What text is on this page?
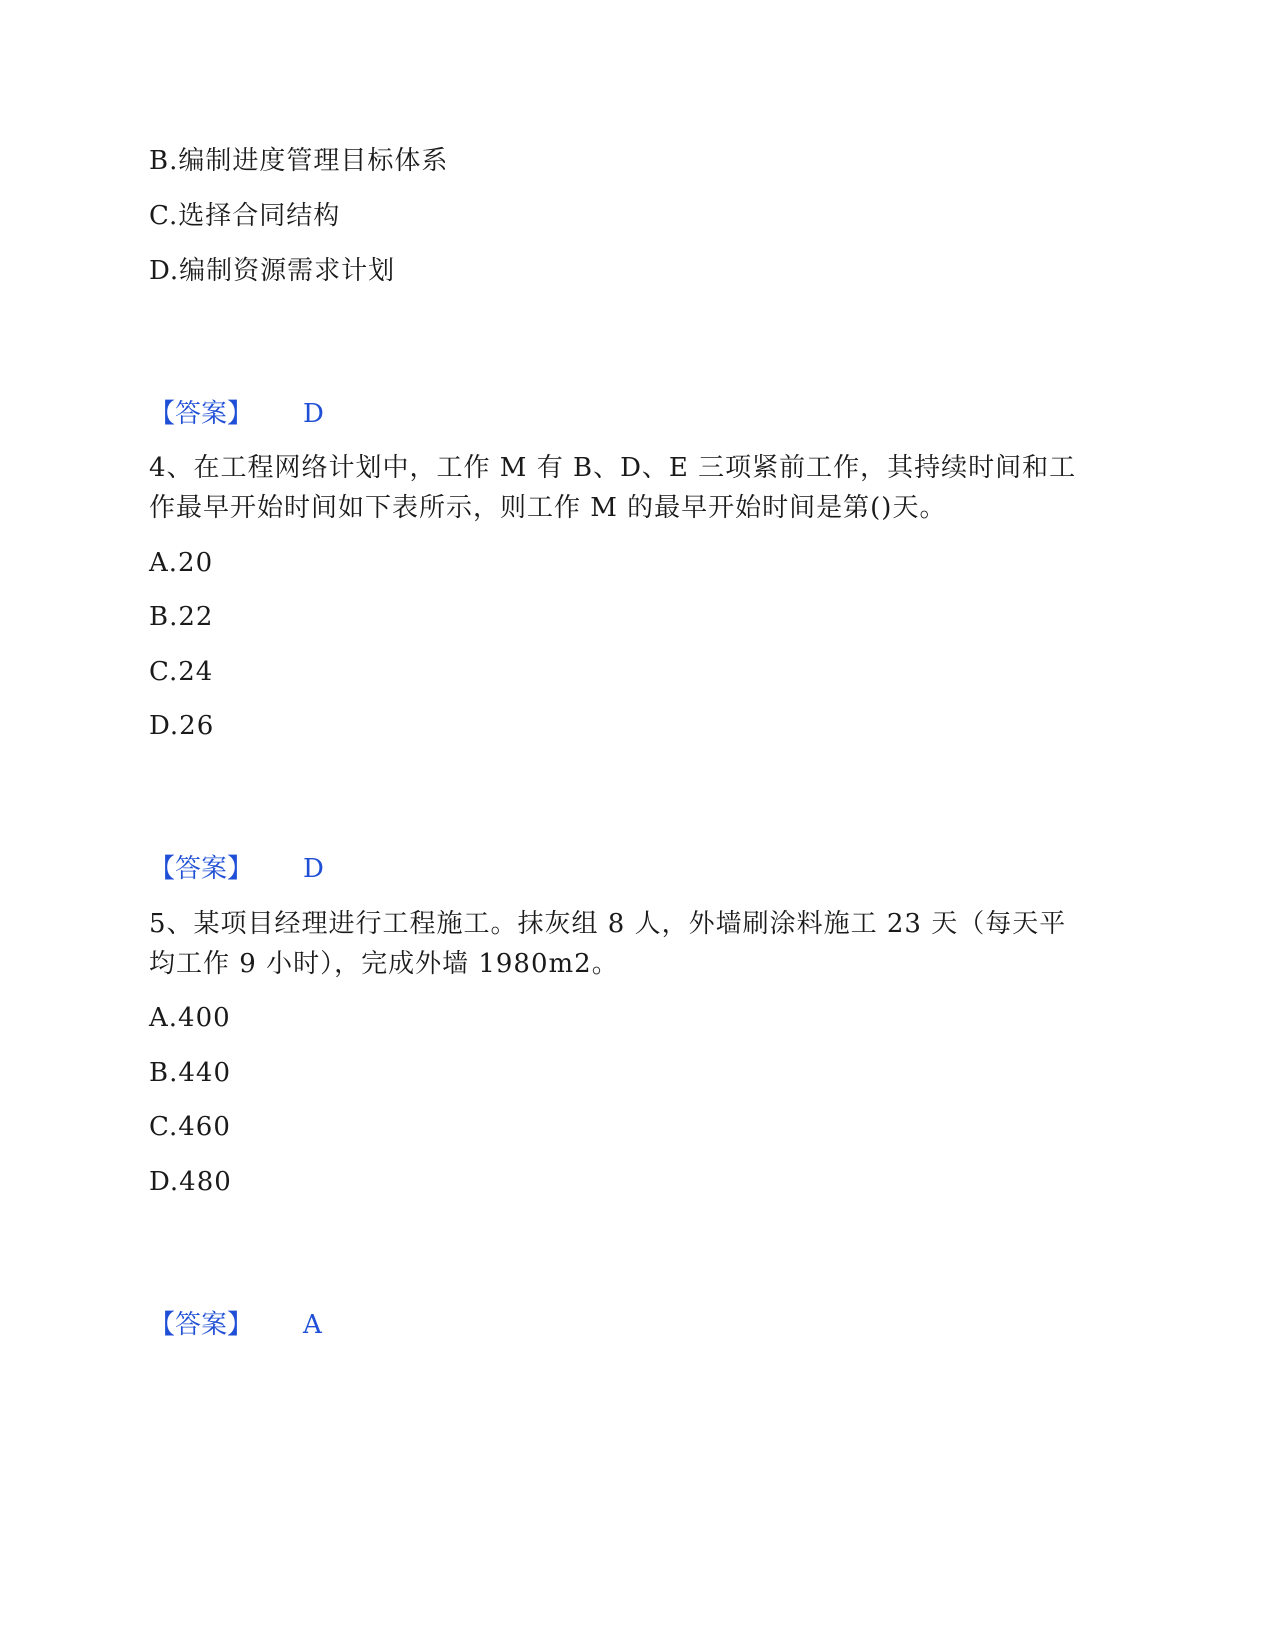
B.编制进度管理目标体系
C.选择合同结构
D.编制资源需求计划
【答案】 D
4、在工程网络计划中，工作 M 有 B、D、E 三项紧前工作，其持续时间和工
作最早开始时间如下表所示，则工作 M 的最早开始时间是第()天。
A.20
B.22
C.24
D.26
【答案】 D
5、某项目经理进行工程施工。抹灰组 8 人，外墙刷涂料施工 23 天（每天平
均工作 9 小时），完成外墙 1980m2。
A.400
B.440
C.460
D.480
【答案】 A
